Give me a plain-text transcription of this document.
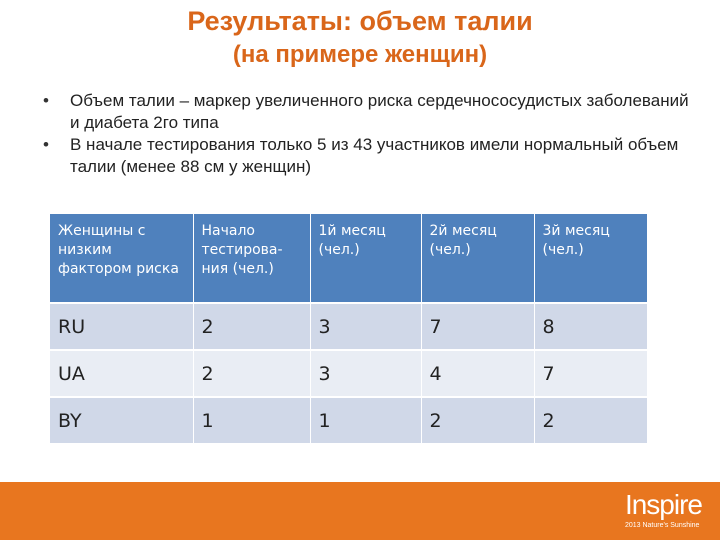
Результаты: объем талии
(на примере женщин)
•	Объем талии – маркер увеличенного риска сердечнососудистых заболеваний и диабета 2го типа
•	В начале тестирования только 5 из 43 участников имели нормальный объем талии (менее 88 см у женщин)
Женщины с низким фактором риска	Начало тестирова-ния (чел.)	1й месяц (чел.)	2й месяц (чел.)	3й месяц (чел.)
RU	2	3	7	8
UA	2	3	4	7
BY	1	1	2	2
Inspire
2013 Nature's Sunshine
